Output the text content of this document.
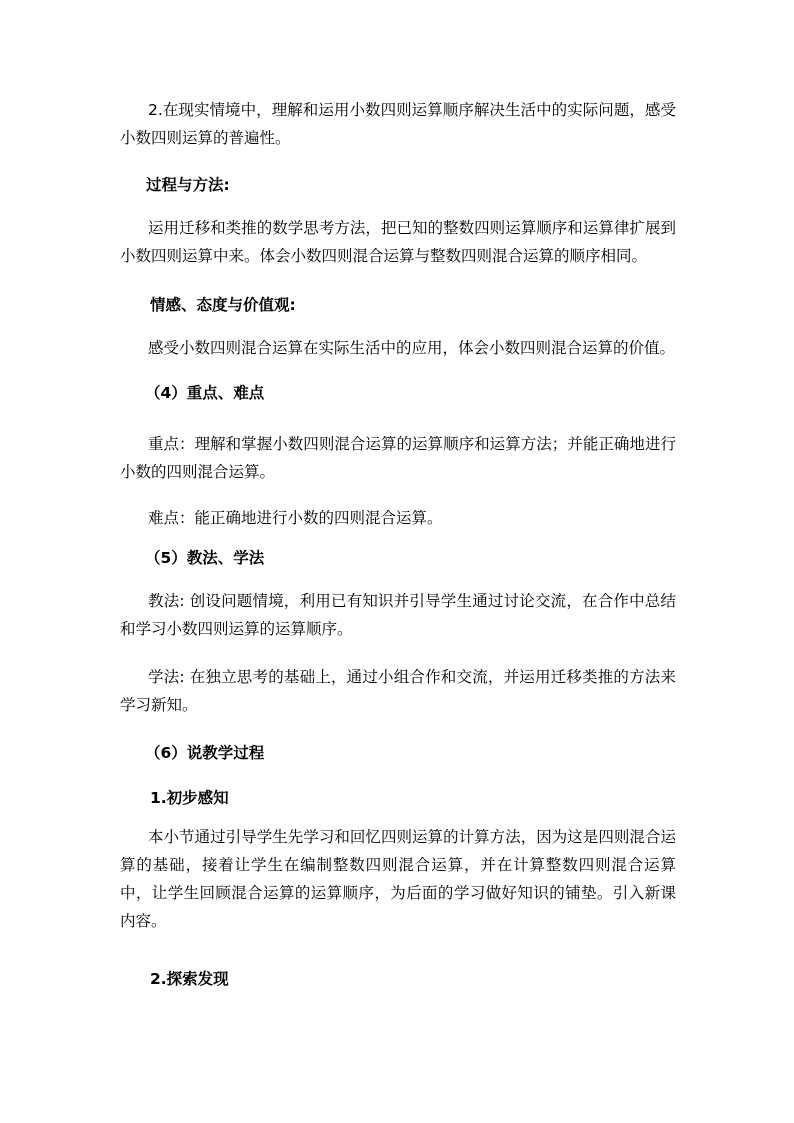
2.在现实情境中，理解和运用小数四则运算顺序解决生活中的实际问题，感受小数四则运算的普遍性。

过程与方法:

运用迁移和类推的数学思考方法，把已知的整数四则运算顺序和运算律扩展到小数四则运算中来。体会小数四则混合运算与整数四则混合运算的顺序相同。

情感、态度与价值观:

感受小数四则混合运算在实际生活中的应用，体会小数四则混合运算的价值。

（4）重点、难点

重点：理解和掌握小数四则混合运算的运算顺序和运算方法；并能正确地进行小数的四则混合运算。

难点：能正确地进行小数的四则混合运算。

（5）教法、学法

教法: 创设问题情境，利用已有知识并引导学生通过讨论交流，在合作中总结和学习小数四则运算的运算顺序。

学法: 在独立思考的基础上，通过小组合作和交流，并运用迁移类推的方法来学习新知。

（6）说教学过程

1.初步感知

本小节通过引导学生先学习和回忆四则运算的计算方法，因为这是四则混合运算的基础，接着让学生在编制整数四则混合运算，并在计算整数四则混合运算中，让学生回顾混合运算的运算顺序，为后面的学习做好知识的铺垫。引入新课内容。

2.探索发现
